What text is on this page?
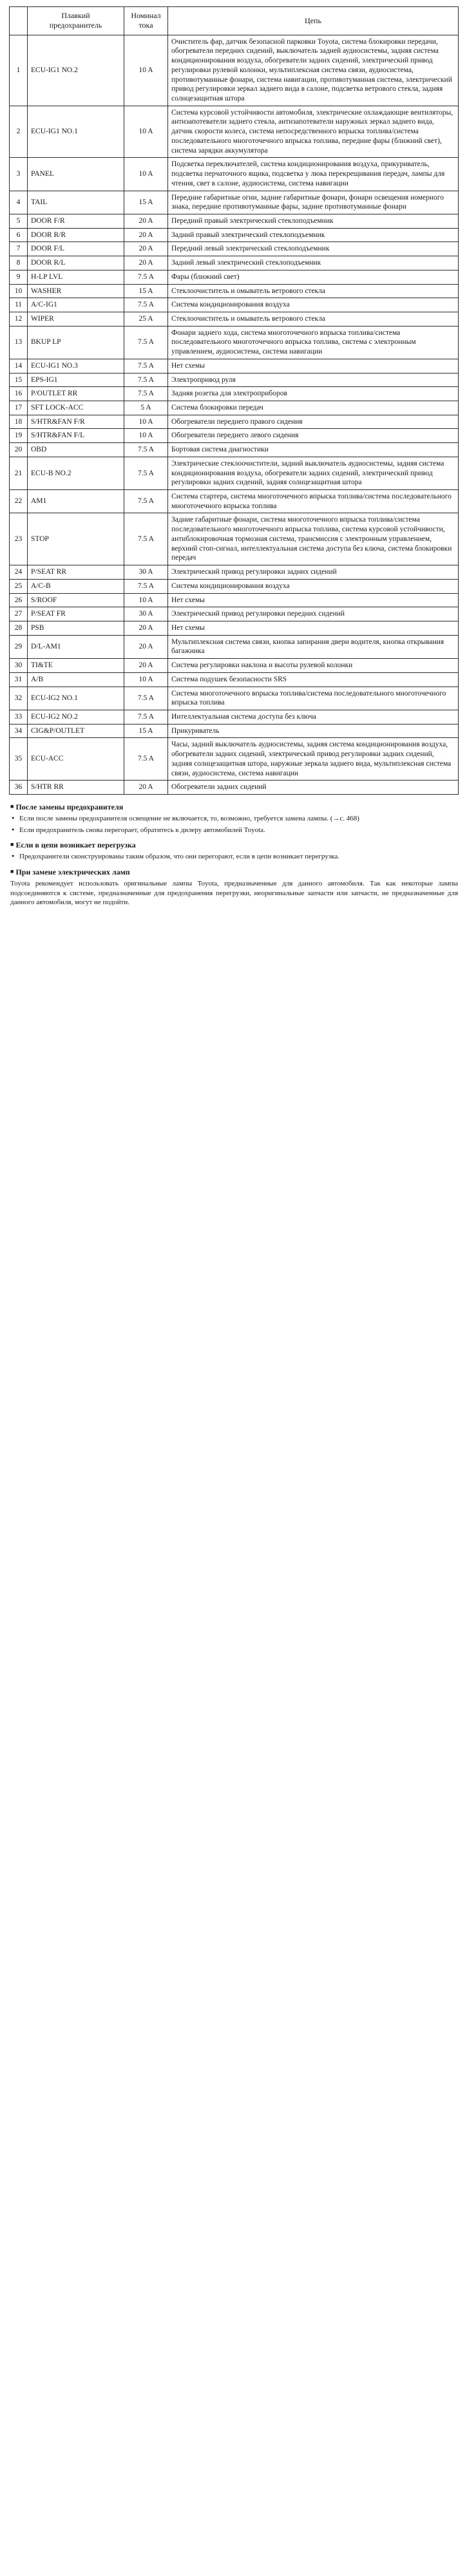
	Плавкий
предохранитель	Номинал
тока	Цепь
1	ECU-IG1 NO.2	10 A	Очиститель фар, датчик безопасной парковки Toyota, система блокировки передачи, обогреватели передних сидений, выключатель задней аудиосистемы, задняя система кондиционирования воздуха, обогреватели задних сидений, электрический привод регулировки рулевой колонки, мультиплексная система связи, аудиосистема, противотуманные фонари, система навигации, противотуманная система, электрический привод регулировки зеркал заднего вида в салоне, подсветка ветрового стекла, задняя солнцезащитная штора
2	ECU-IG1 NO.1	10 A	Система курсовой устойчивости автомобиля, электрические охлаждающие вентиляторы, антизапотеватели заднего стекла, антизапотеватели наружных зеркал заднего вида, датчик скорости колеса, система непосредственного впрыска топлива/система последовательного многоточечного впрыска топлива, передние фары (ближний свет), система зарядки аккумулятора
3	PANEL	10 A	Подсветка переключателей, система кондиционирования воздуха, прикуриватель, подсветка перчаточного ящика, подсветка у люка перекрещивания передач, лампы для чтения, свет в салоне, аудиосистема, система навигации
4	TAIL	15 A	Передние габаритные огни, задние габаритные фонари, фонари освещения номерного знака, передние противотуманные фары, задние противотуманные фонари
5	DOOR F/R	20 A	Передний правый электрический стеклоподъемник
6	DOOR R/R	20 A	Задний правый электрический стеклоподъемник
7	DOOR F/L	20 A	Передний левый электрический стеклоподъемник
8	DOOR R/L	20 A	Задний левый электрический стеклоподъемник
9	H-LP LVL	7.5 A	Фары (ближний свет)
10	WASHER	15 A	Стеклоочиститель и омыватель ветрового стекла
11	A/C-IG1	7.5 A	Система кондиционирования воздуха
12	WIPER	25 A	Стеклоочиститель и омыватель ветрового стекла
13	BKUP LP	7.5 A	Фонари заднего хода, система многоточечного впрыска топлива/система последовательного многоточечного впрыска топлива, система с электронным управлением, аудиосистема, система навигации
14	ECU-IG1 NO.3	7.5 A	Нет схемы
15	EPS-IG1	7.5 A	Электропривод руля
16	P/OUTLET RR	7.5 A	Задняя розетка для электроприборов
17	SFT LOCK-ACC	5 A	Система блокировки передач
18	S/HTR&FAN F/R	10 A	Обогреватели переднего правого сидения
19	S/HTR&FAN F/L	10 A	Обогреватели переднего левого сидения
20	OBD	7.5 A	Бортовая система диагностики
21	ECU-B NO.2	7.5 A	Электрические стеклоочистители, задний выключатель аудиосистемы, задняя система кондиционирования воздуха, обогреватели задних сидений, электрический привод регулировки задних сидений, задняя солнцезащитная штора
22	AM1	7.5 A	Система стартера, система многоточечного впрыска топлива/система последовательного многоточечного впрыска топлива
23	STOP	7.5 A	Задние габаритные фонари, система многоточечного впрыска топлива/система последовательного многоточечного впрыска топлива, система курсовой устойчивости, антиблокировочная тормозная система, трансмиссия с электронным управлением, верхний стоп-сигнал, интеллектуальная система доступа без ключа, система блокировки передач
24	P/SEAT RR	30 A	Электрический привод регулировки задних сидений
25	A/C-B	7.5 A	Система кондиционирования воздуха
26	S/ROOF	10 A	Нет схемы
27	P/SEAT FR	30 A	Электрический привод регулировки передних сидений
28	PSB	20 A	Нет схемы
29	D/L-AM1	20 A	Мультиплексная система связи, кнопка запирания двери водителя, кнопка открывания багажника
30	TI&TE	20 A	Система регулировки наклона и высоты рулевой колонки
31	A/B	10 A	Система подушек безопасности SRS
32	ECU-IG2 NO.1	7.5 A	Система многоточечного впрыска топлива/система последовательного многоточечного впрыска топлива
33	ECU-IG2 NO.2	7.5 A	Интеллектуальная система доступа без ключа
34	CIG&P/OUTLET	15 A	Прикуриватель
35	ECU-ACC	7.5 A	Часы, задний выключатель аудиосистемы, задняя система кондиционирования воздуха, обогреватели задних сидений, электрический привод регулировки задних сидений, задняя солнцезащитная штора, наружные зеркала заднего вида, мультиплексная система связи, аудиосистема, система навигации
36	S/HTR RR	20 A	Обогреватели задних сидений
■ После замены предохранителя
● Если после замены предохранителя освещение не включается, то, возможно, требуется замена лампы. (→с. 468)
● Если предохранитель снова перегорает, обратитесь к дилеру автомобилей Toyota.
■ Если в цепи возникает перегрузка
● Предохранители сконструированы таким образом, что они перегорают, если в цепи возникает перегрузка.
■ При замене электрических ламп
Toyota рекомендует использовать оригинальные лампы Toyota, предназначенные для данного автомобиля. Так как некоторые лампы подсоединяются к системе, предназначенные для предохранения перегрузки, неоригинальные запчасти или запчасти, не предназначенные для данного автомобиля, могут не подойти.
